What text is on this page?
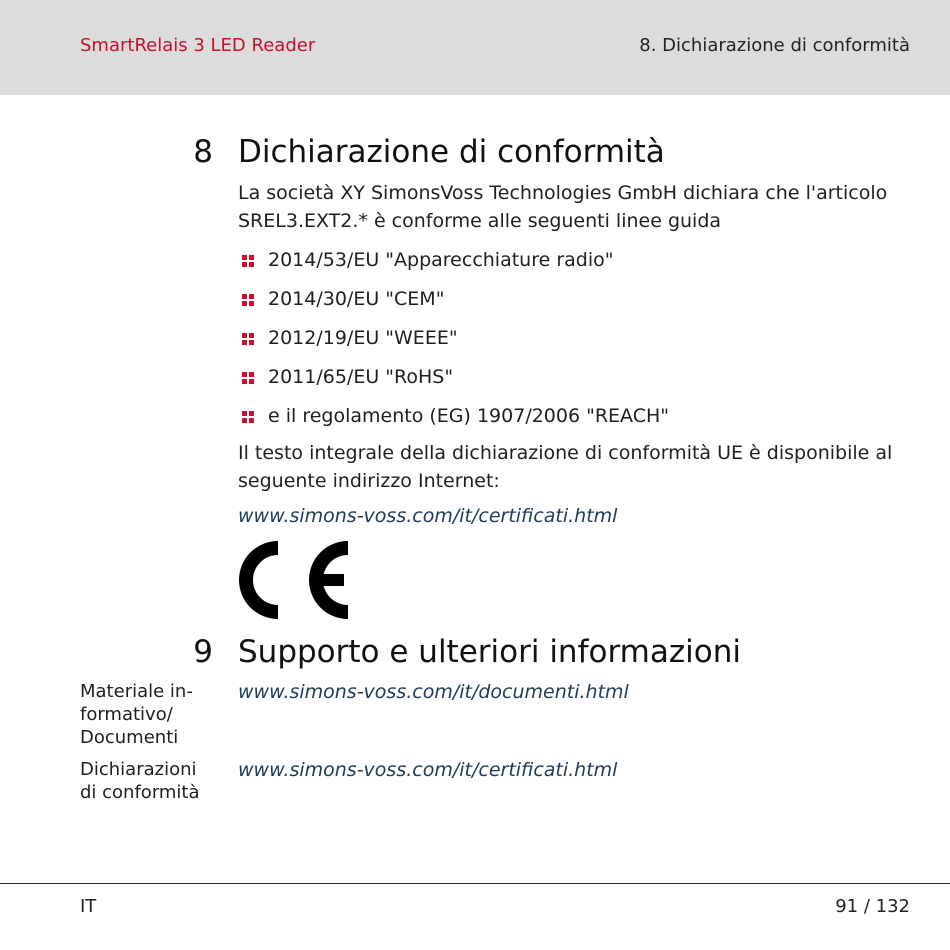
SmartRelais 3 LED Reader	8. Dichiarazione di conformità
8 Dichiarazione di conformità
La società XY SimonsVoss Technologies GmbH dichiara che l'articolo SREL3.EXT2.* è conforme alle seguenti linee guida
2014/53/EU "Apparecchiature radio"
2014/30/EU "CEM"
2012/19/EU "WEEE"
2011/65/EU "RoHS"
e il regolamento (EG) 1907/2006 "REACH"
Il testo integrale della dichiarazione di conformità UE è disponibile al seguente indirizzo Internet:
www.simons-voss.com/it/certificati.html
9 Supporto e ulteriori informazioni
Materiale in-
formativo/
Documenti
www.simons-voss.com/it/documenti.html
Dichiarazioni
di conformità
www.simons-voss.com/it/certificati.html
IT	91 / 132
